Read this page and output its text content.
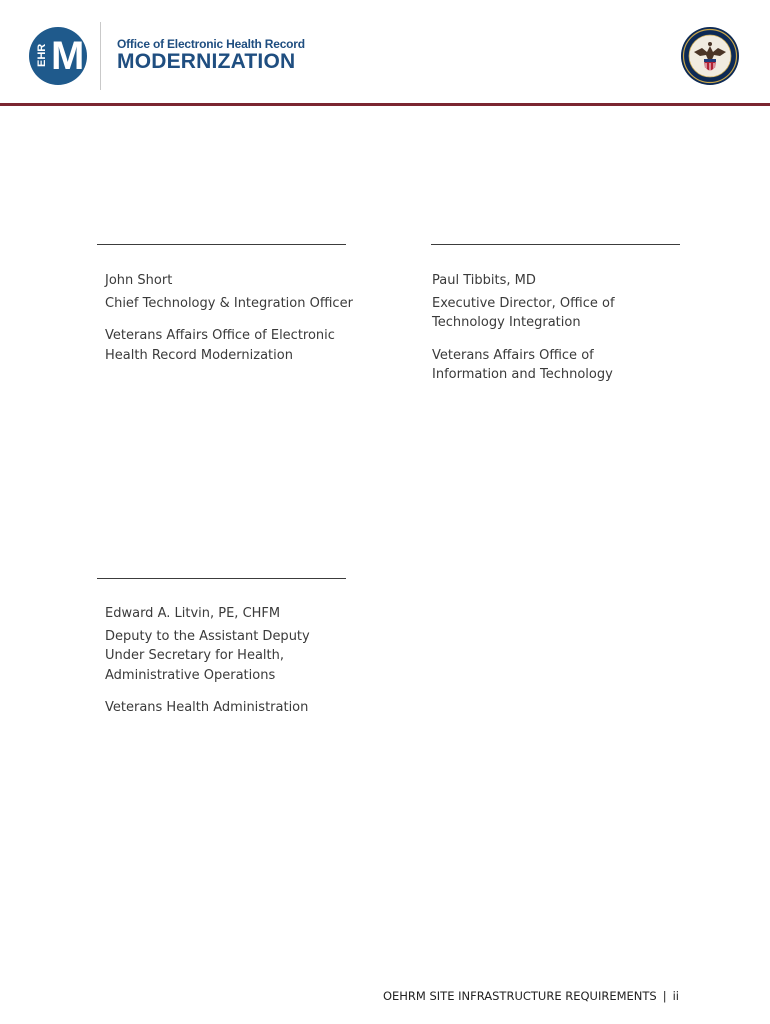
EHR M	Office of Electronic Health Record
MODERNIZATION

John Short

Chief Technology & Integration Officer

Veterans Affairs Office of Electronic Health Record Modernization

Paul Tibbits, MD

Executive Director, Office of Technology Integration

Veterans Affairs Office of Information and Technology

Edward A. Litvin, PE, CHFM

Deputy to the Assistant Deputy Under Secretary for Health, Administrative Operations

Veterans Health Administration

OEHRM SITE INFRASTRUCTURE REQUIREMENTS | ii
